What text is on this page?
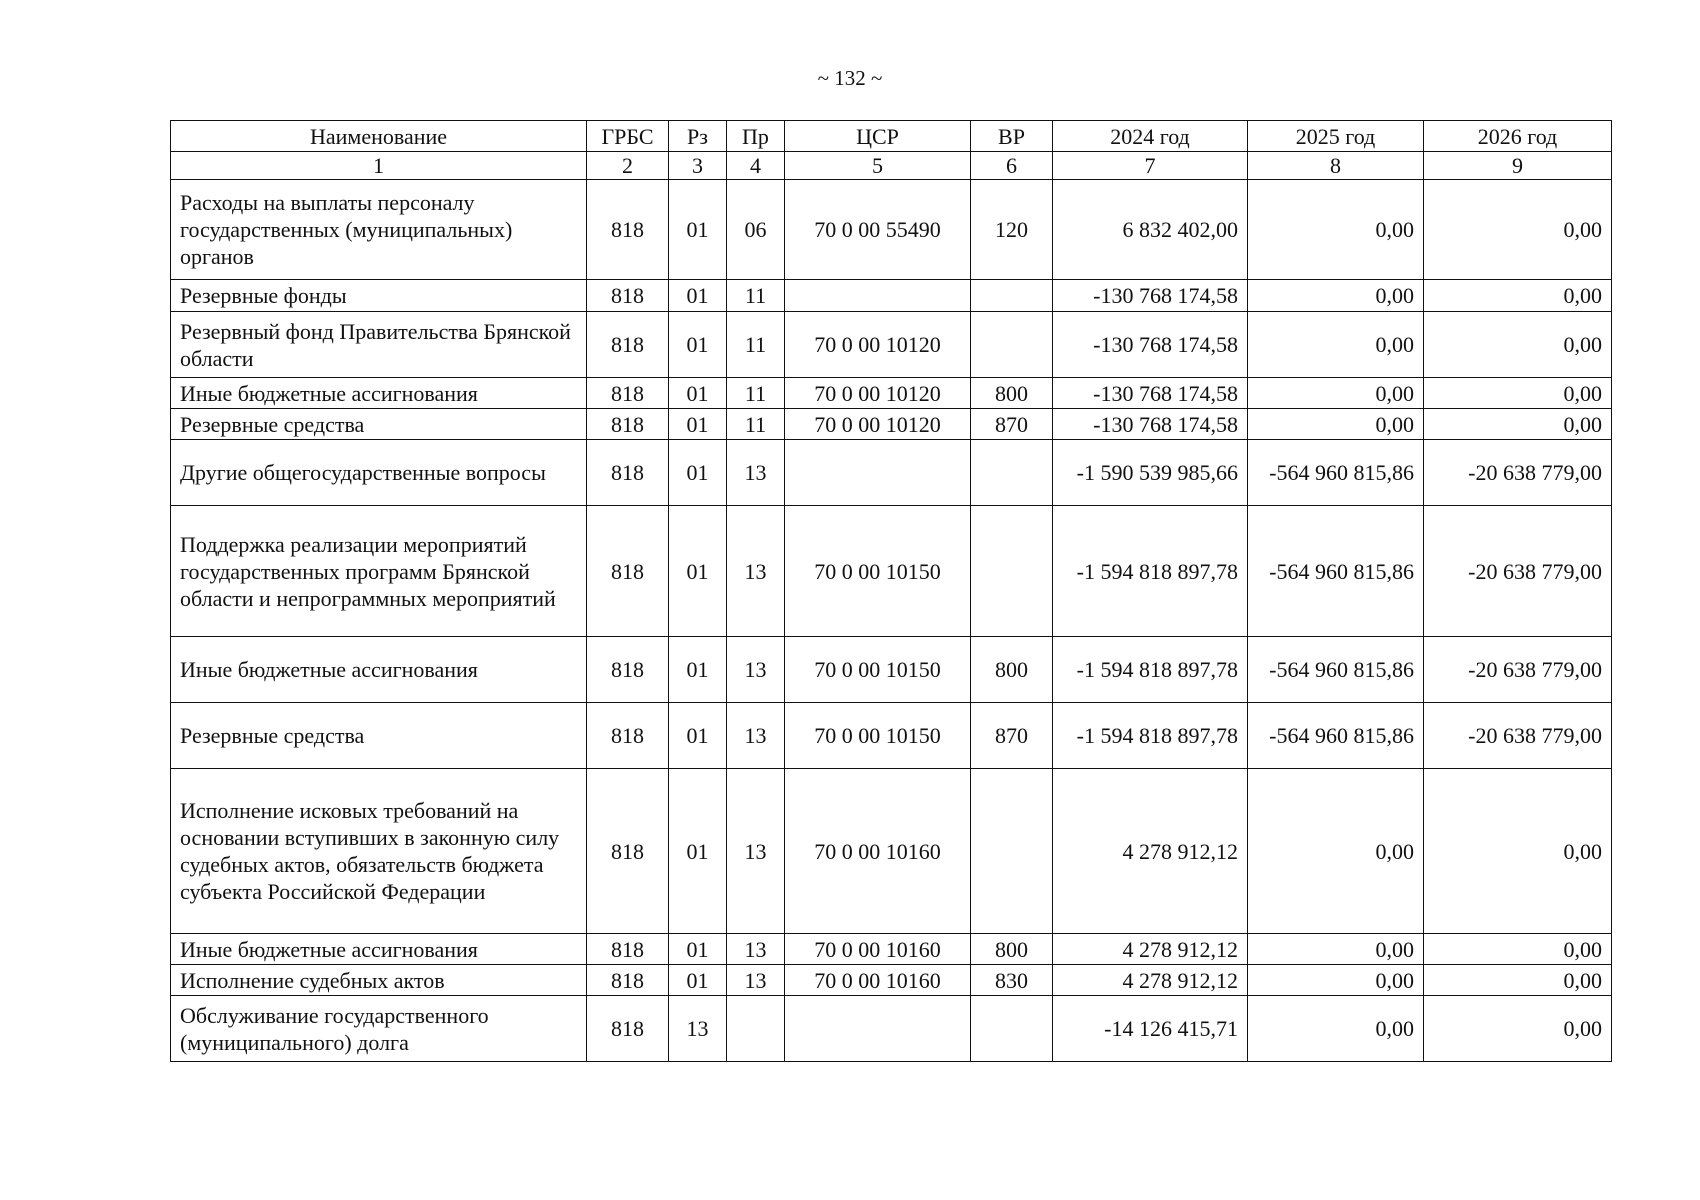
~ 132 ~
Наименование	ГРБС	Рз	Пр	ЦСР	ВР	2024 год	2025 год	2026 год
1	2	3	4	5	6	7	8	9
Расходы на выплаты персоналу государственных (муниципальных) органов	818	01	06	70 0 00 55490	120	6 832 402,00	0,00	0,00
Резервные фонды	818	01	11			-130 768 174,58	0,00	0,00
Резервный фонд Правительства Брянской области	818	01	11	70 0 00 10120		-130 768 174,58	0,00	0,00
Иные бюджетные ассигнования	818	01	11	70 0 00 10120	800	-130 768 174,58	0,00	0,00
Резервные средства	818	01	11	70 0 00 10120	870	-130 768 174,58	0,00	0,00
Другие общегосударственные вопросы	818	01	13			-1 590 539 985,66	-564 960 815,86	-20 638 779,00
Поддержка реализации мероприятий государственных программ Брянской области и непрограммных мероприятий	818	01	13	70 0 00 10150		-1 594 818 897,78	-564 960 815,86	-20 638 779,00
Иные бюджетные ассигнования	818	01	13	70 0 00 10150	800	-1 594 818 897,78	-564 960 815,86	-20 638 779,00
Резервные средства	818	01	13	70 0 00 10150	870	-1 594 818 897,78	-564 960 815,86	-20 638 779,00
Исполнение исковых требований на основании вступивших в законную силу судебных актов, обязательств бюджета субъекта Российской Федерации	818	01	13	70 0 00 10160		4 278 912,12	0,00	0,00
Иные бюджетные ассигнования	818	01	13	70 0 00 10160	800	4 278 912,12	0,00	0,00
Исполнение судебных актов	818	01	13	70 0 00 10160	830	4 278 912,12	0,00	0,00
Обслуживание государственного (муниципального) долга	818	13				-14 126 415,71	0,00	0,00
